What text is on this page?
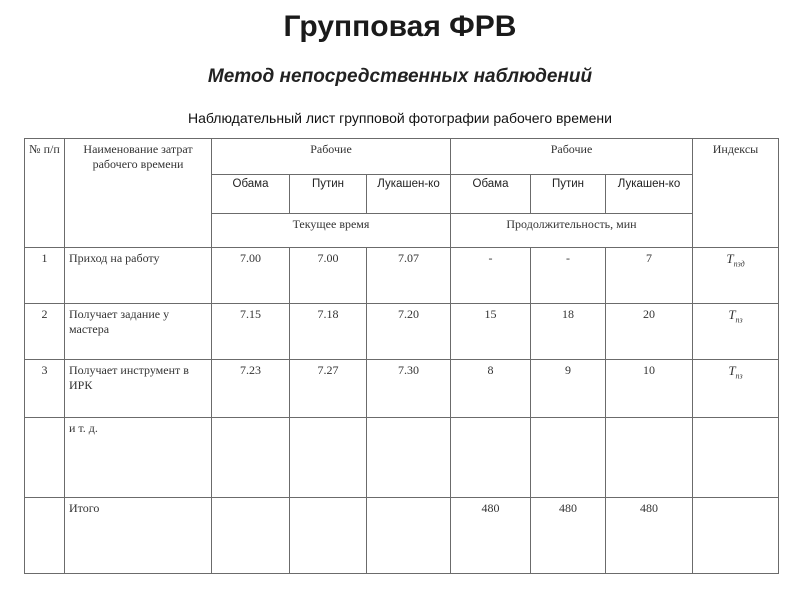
Групповая ФРВ
Метод непосредственных наблюдений
Наблюдательный лист групповой фотографии рабочего времени
№ п/п	Наименование затрат рабочего времени	Рабочие			Рабочие			Индексы
		Обама	Путин	Лукашен-ко	Обама	Путин	Лукашен-ко	
		Текущее время			Продолжительность, мин			
1	Приход на работу	7.00	7.00	7.07	-	-	7	$T_{пзд}$
2	Получает задание у мастера	7.15	7.18	7.20	15	18	20	$T_{пз}$
3	Получает инструмент в ИРК	7.23	7.27	7.30	8	9	10	$T_{пз}$
	и т. д.							
	Итого				480	480	480	
